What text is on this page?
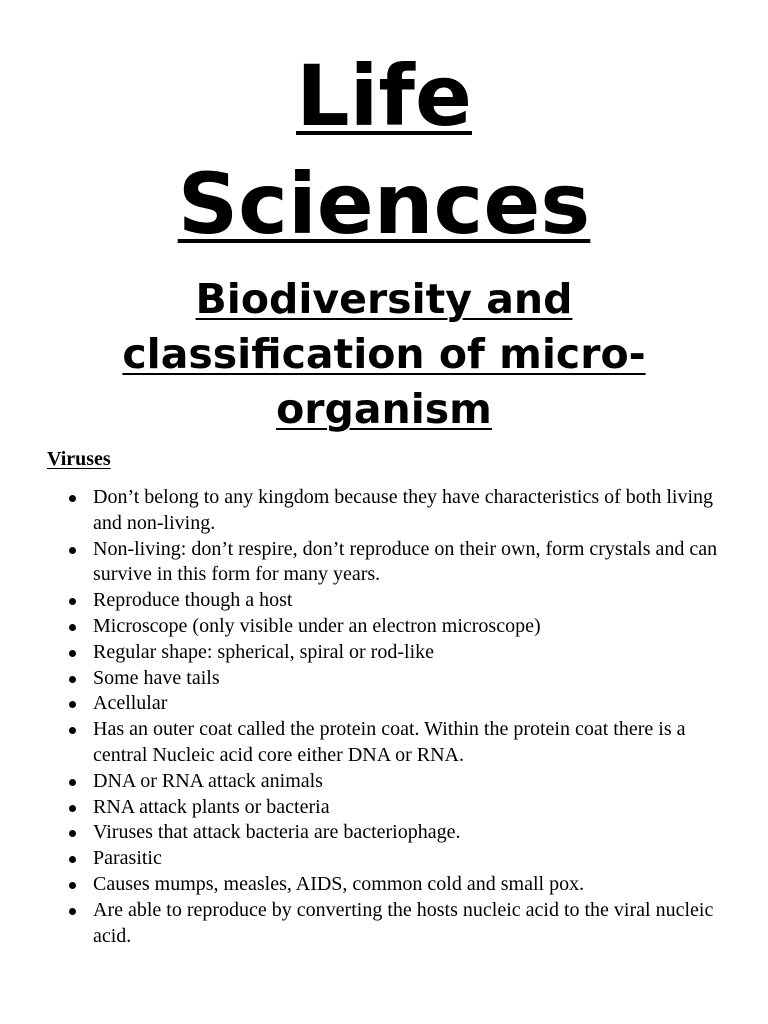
Life
Sciences
Biodiversity and classification of micro-organism
Viruses
Don’t belong to any kingdom because they have characteristics of both living and non-living.
Non-living: don’t respire, don’t reproduce on their own, form crystals and can survive in this form for many years.
Reproduce though a host
Microscope (only visible under an electron microscope)
Regular shape: spherical, spiral or rod-like
Some have tails
Acellular
Has an outer coat called the protein coat. Within the protein coat there is a central Nucleic acid core either DNA or RNA.
DNA or RNA attack animals
RNA attack plants or bacteria
Viruses that attack bacteria are bacteriophage.
Parasitic
Causes mumps, measles, AIDS, common cold and small pox.
Are able to reproduce by converting the hosts nucleic acid to the viral nucleic acid.
